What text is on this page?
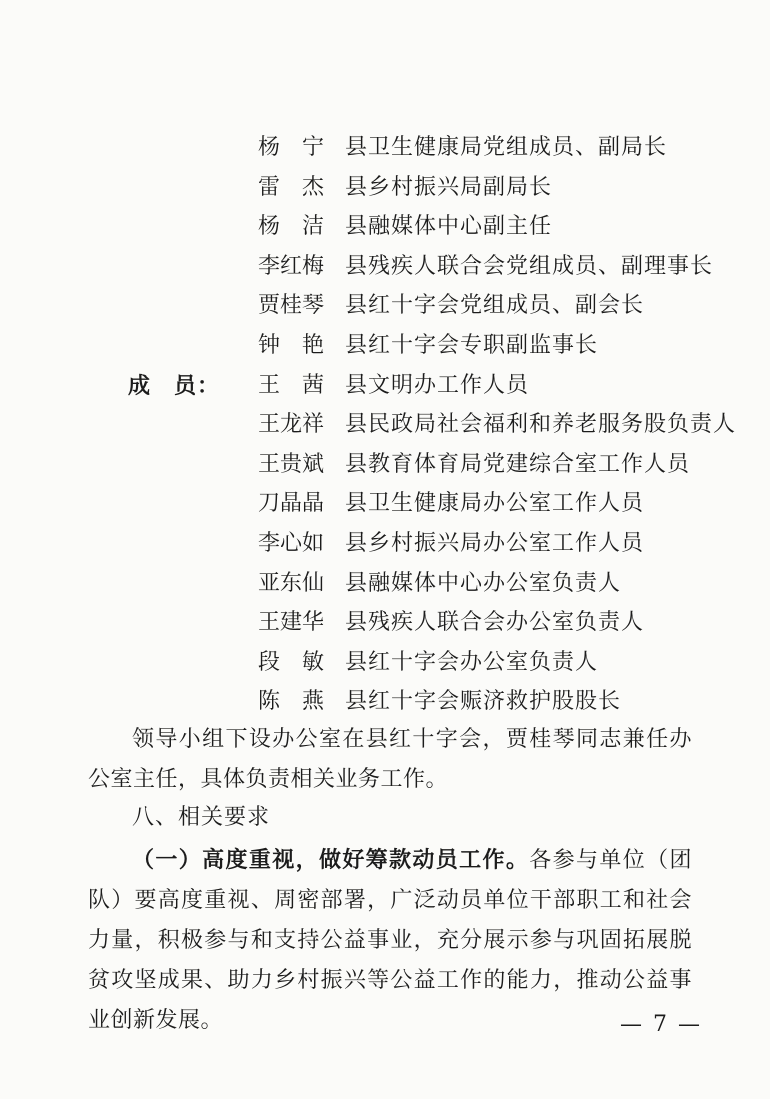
杨　宁 县卫生健康局党组成员、副局长
雷　杰 县乡村振兴局副局长
杨　洁 县融媒体中心副主任
李红梅 县残疾人联合会党组成员、副理事长
贾桂琴 县红十字会党组成员、副会长
钟　艳 县红十字会专职副监事长
成　员：	王　茜 县文明办工作人员
王龙祥 县民政局社会福利和养老服务股负责人
王贵斌 县教育体育局党建综合室工作人员
刀晶晶 县卫生健康局办公室工作人员
李心如 县乡村振兴局办公室工作人员
亚东仙 县融媒体中心办公室负责人
王建华 县残疾人联合会办公室负责人
段　敏 县红十字会办公室负责人
陈　燕 县红十字会赈济救护股股长
领导小组下设办公室在县红十字会，贾桂琴同志兼任办公室主任，具体负责相关业务工作。
八、相关要求
（一）高度重视，做好筹款动员工作。各参与单位（团队）要高度重视、周密部署，广泛动员单位干部职工和社会力量，积极参与和支持公益事业，充分展示参与巩固拓展脱贫攻坚成果、助力乡村振兴等公益工作的能力，推动公益事业创新发展。	— 7 —
